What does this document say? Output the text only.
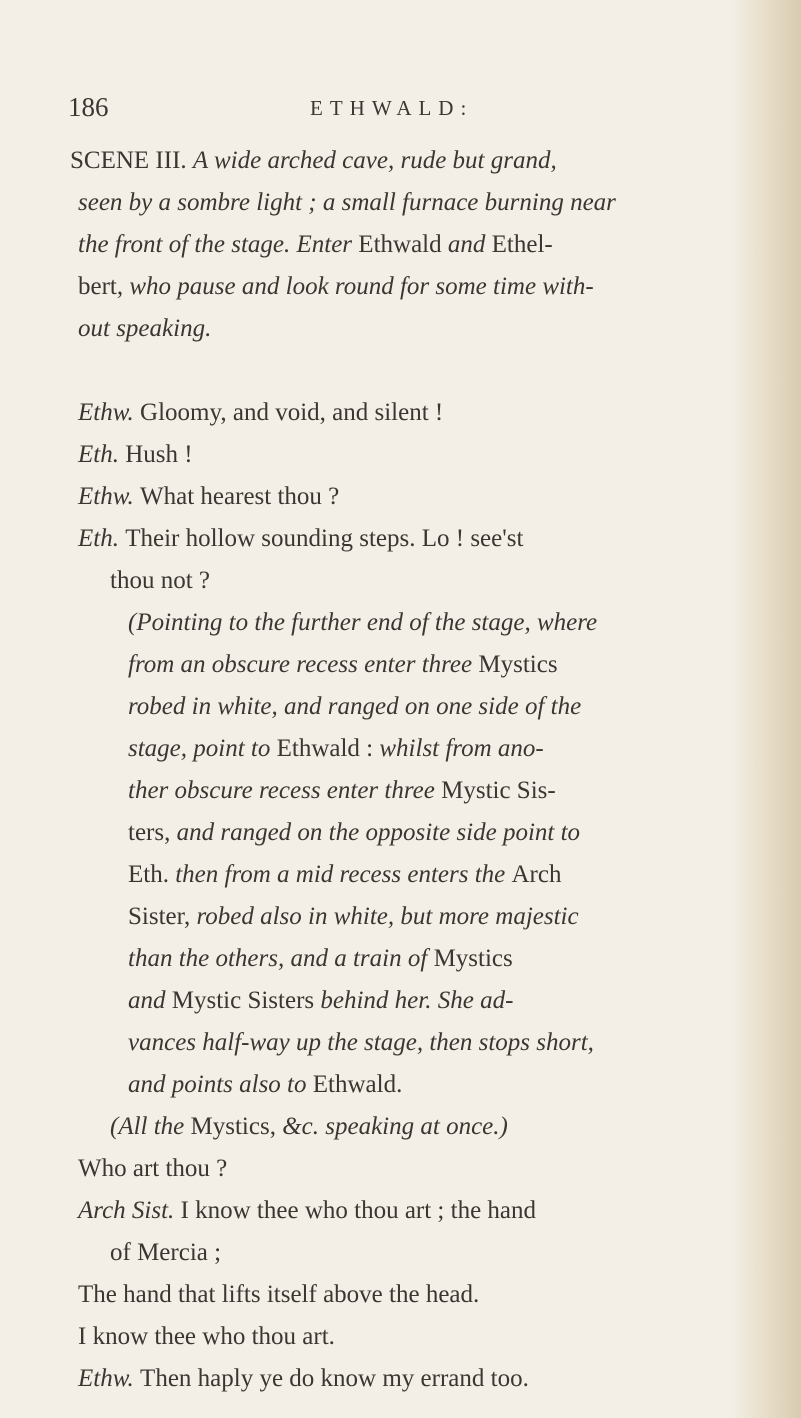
186	ETHWALD:
SCENE III. A wide arched cave, rude but grand,
seen by a sombre light ; a small furnace burning near
the front of the stage. Enter Ethwald and Ethel-
bert, who pause and look round for some time with-
out speaking.
Ethw. Gloomy, and void, and silent !
Eth. Hush !
Ethw. What hearest thou ?
Eth. Their hollow sounding steps. Lo ! see'st
thou not ?
(Pointing to the further end of the stage, where
from an obscure recess enter three Mystics
robed in white, and ranged on one side of the
stage, point to Ethwald : whilst from ano-
ther obscure recess enter three Mystic Sis-
ters, and ranged on the opposite side point to
Eth. then from a mid recess enters the Arch
Sister, robed also in white, but more majestic
than the others, and a train of Mystics
and Mystic Sisters behind her. She ad-
vances half-way up the stage, then stops short,
and points also to Ethwald.
(All the Mystics, &c. speaking at once.)
Who art thou ?
Arch Sist. I know thee who thou art ; the hand
of Mercia ;
The hand that lifts itself above the head.
I know thee who thou art.
Ethw. Then haply ye do know my errand too.
